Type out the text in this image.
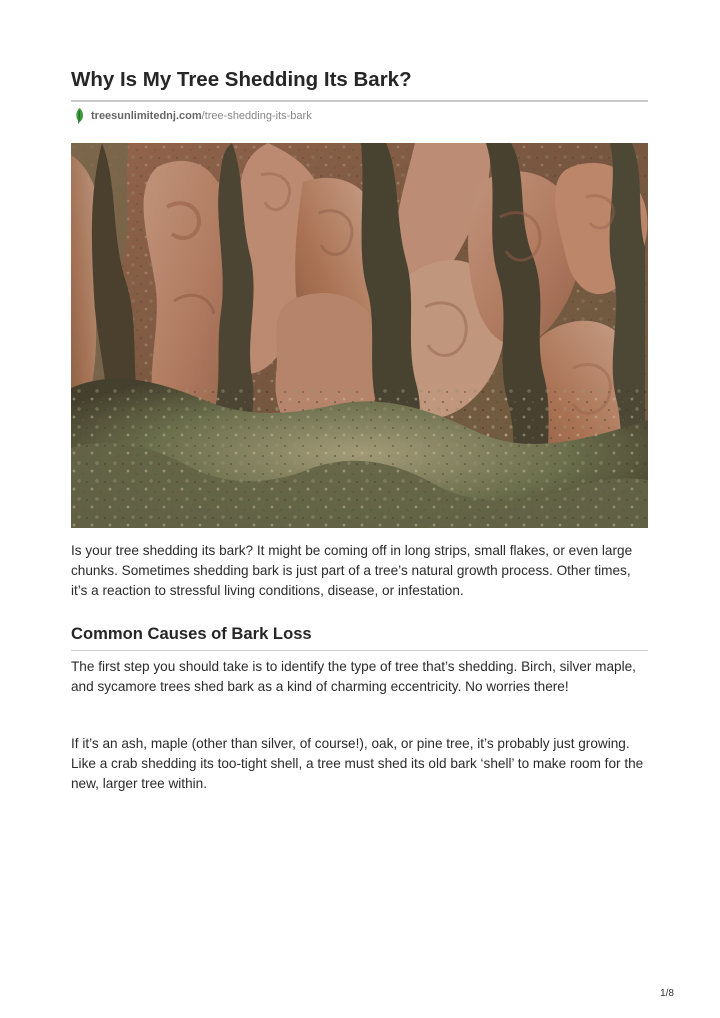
Why Is My Tree Shedding Its Bark?
treesunlimitednj.com /tree-shedding-its-bark

Is your tree shedding its bark? It might be coming off in long strips, small flakes, or even large chunks. Sometimes shedding bark is just part of a tree’s natural growth process. Other times, it’s a reaction to stressful living conditions, disease, or infestation.

Common Causes of Bark Loss

The first step you should take is to identify the type of tree that’s shedding. Birch, silver maple, and sycamore trees shed bark as a kind of charming eccentricity. No worries there!

If it’s an ash, maple (other than silver, of course!), oak, or pine tree, it’s probably just growing. Like a crab shedding its too-tight shell, a tree must shed its old bark ‘shell’ to make room for the new, larger tree within.

1/8
